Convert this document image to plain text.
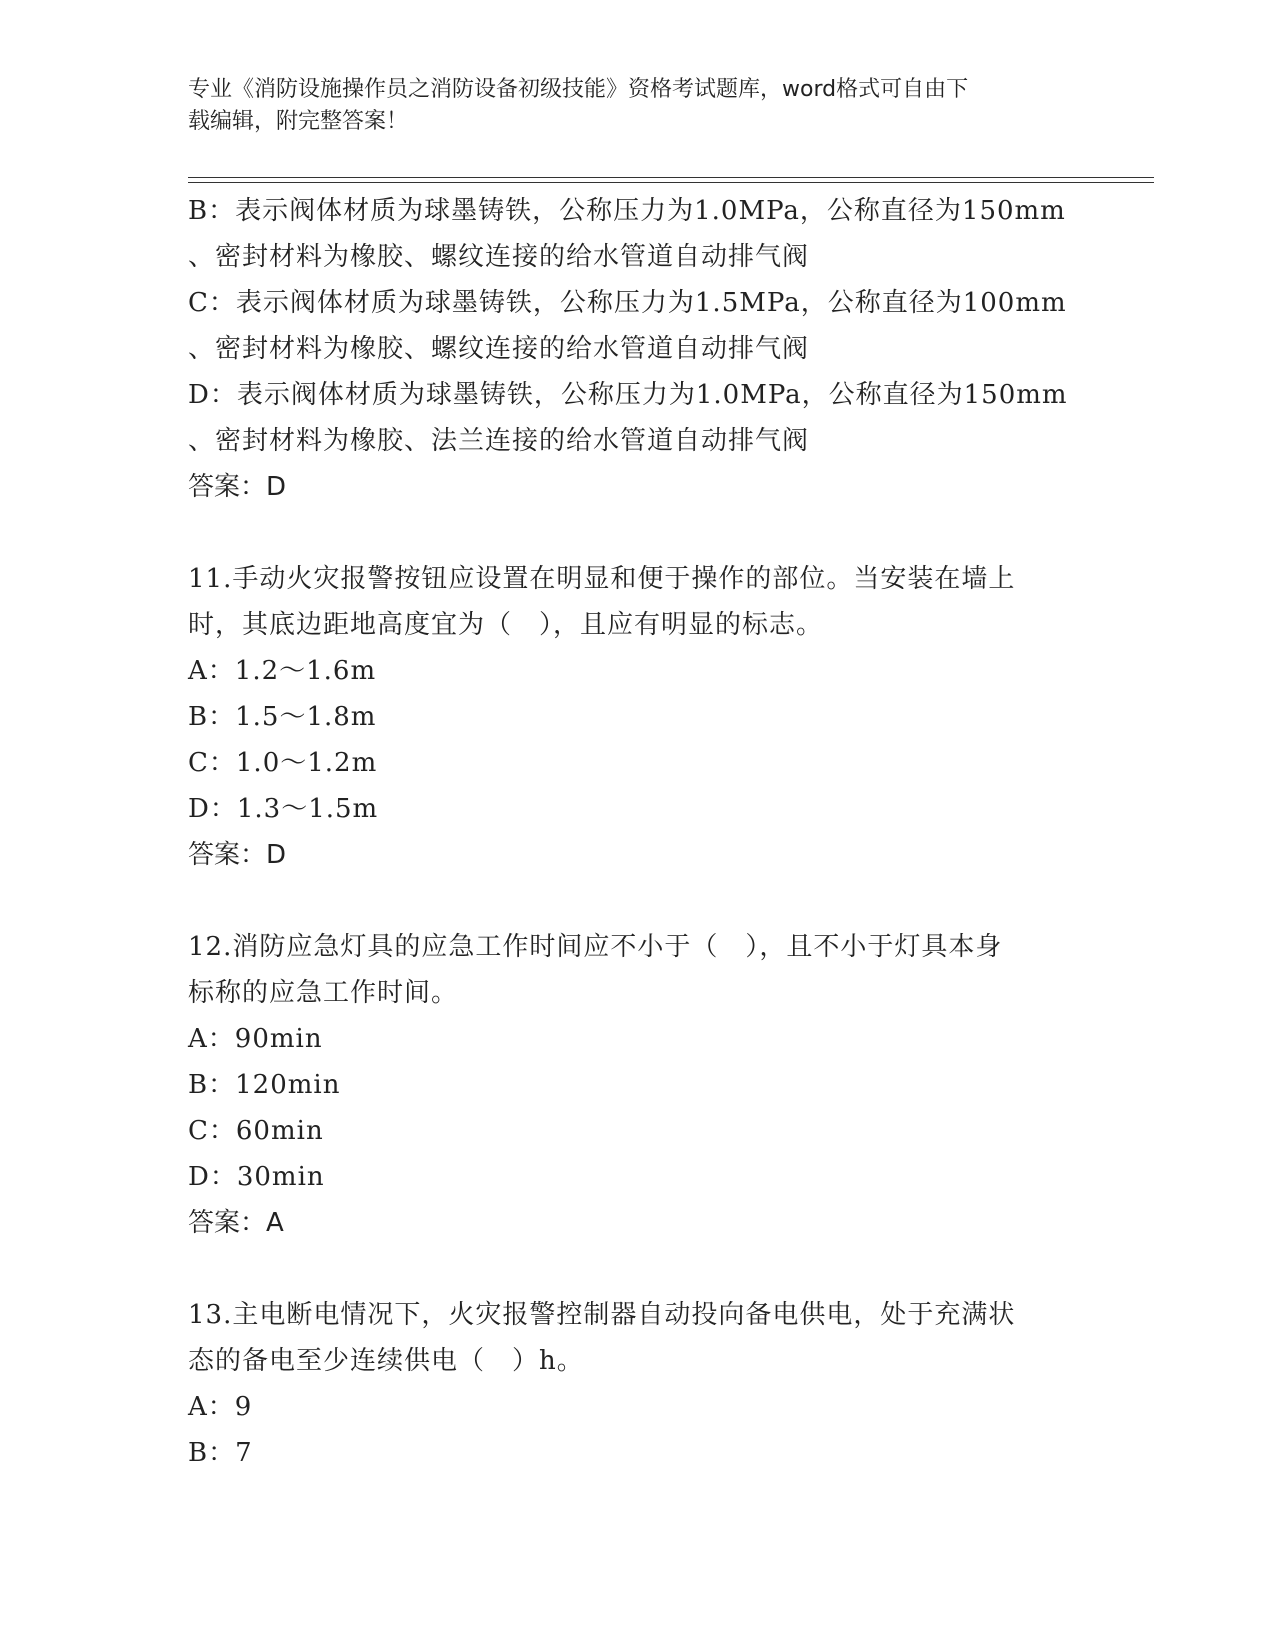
专业《消防设施操作员之消防设备初级技能》资格考试题库，word格式可自由下
载编辑，附完整答案！
B：表示阀体材质为球墨铸铁，公称压力为1.0MPa，公称直径为150mm
、密封材料为橡胶、螺纹连接的给水管道自动排气阀
C：表示阀体材质为球墨铸铁，公称压力为1.5MPa，公称直径为100mm
、密封材料为橡胶、螺纹连接的给水管道自动排气阀
D：表示阀体材质为球墨铸铁，公称压力为1.0MPa，公称直径为150mm
、密封材料为橡胶、法兰连接的给水管道自动排气阀
答案：D
11.手动火灾报警按钮应设置在明显和便于操作的部位。当安装在墙上
时，其底边距地高度宜为（　），且应有明显的标志。
A：1.2～1.6m
B：1.5～1.8m
C：1.0～1.2m
D：1.3～1.5m
答案：D
12.消防应急灯具的应急工作时间应不小于（　），且不小于灯具本身
标称的应急工作时间。
A：90min
B：120min
C：60min
D：30min
答案：A
13.主电断电情况下，火灾报警控制器自动投向备电供电，处于充满状
态的备电至少连续供电（　）h。
A：9
B：7
